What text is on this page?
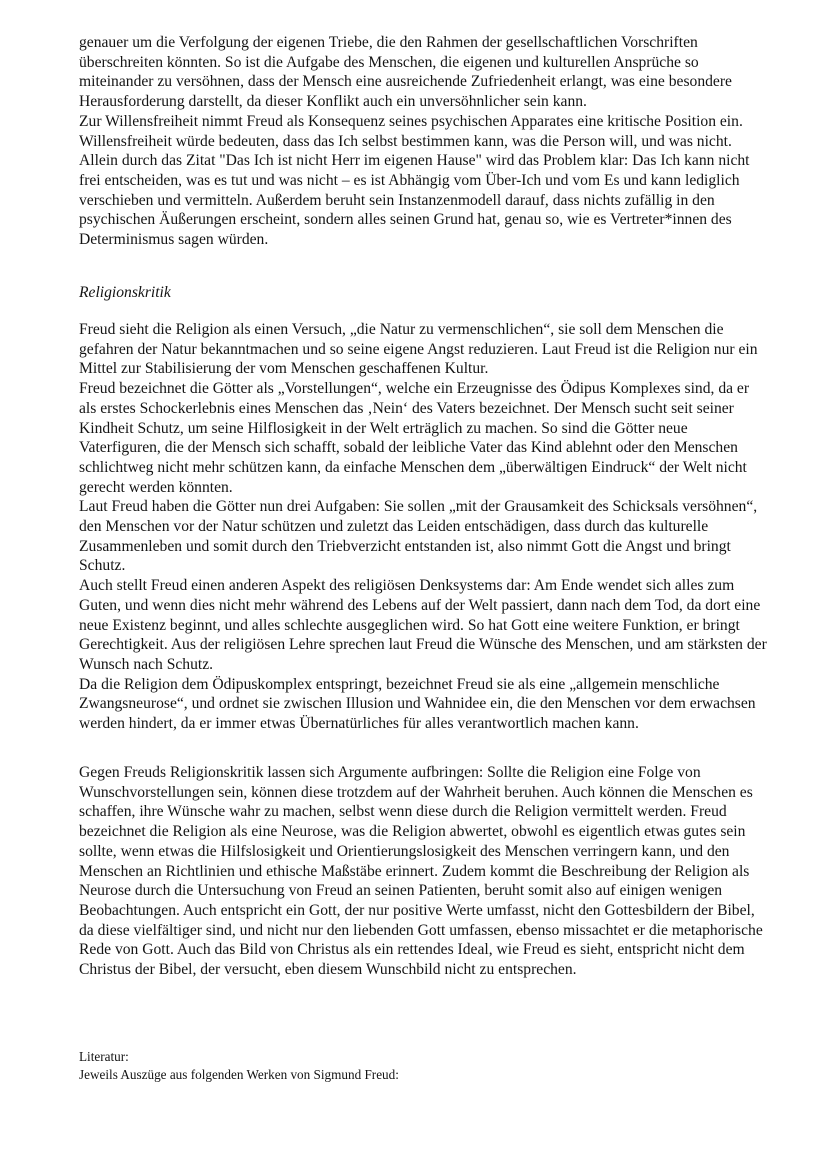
genauer um die Verfolgung der eigenen Triebe, die den Rahmen der gesellschaftlichen Vorschriften überschreiten könnten. So ist die Aufgabe des Menschen, die eigenen und kulturellen Ansprüche so miteinander zu versöhnen, dass der Mensch eine ausreichende Zufriedenheit erlangt, was eine besondere Herausforderung darstellt, da dieser Konflikt auch ein unversöhnlicher sein kann.

Zur Willensfreiheit nimmt Freud als Konsequenz seines psychischen Apparates eine kritische Position ein. Willensfreiheit würde bedeuten, dass das Ich selbst bestimmen kann, was die Person will, und was nicht. Allein durch das Zitat "Das Ich ist nicht Herr im eigenen Hause" wird das Problem klar: Das Ich kann nicht frei entscheiden, was es tut und was nicht – es ist Abhängig vom Über-Ich und vom Es und kann lediglich verschieben und vermitteln. Außerdem beruht sein Instanzenmodell darauf, dass nichts zufällig in den psychischen Äußerungen erscheint, sondern alles seinen Grund hat, genau so, wie es Vertreter*innen des Determinismus sagen würden.

Religionskritik

Freud sieht die Religion als einen Versuch, „die Natur zu vermenschlichen“, sie soll dem Menschen die gefahren der Natur bekanntmachen und so seine eigene Angst reduzieren. Laut Freud ist die Religion nur ein Mittel zur Stabilisierung der vom Menschen geschaffenen Kultur.

Freud bezeichnet die Götter als „Vorstellungen“, welche ein Erzeugnisse des Ödipus Komplexes sind, da er als erstes Schockerlebnis eines Menschen das ‚Nein‘ des Vaters bezeichnet. Der Mensch sucht seit seiner Kindheit Schutz, um seine Hilflosigkeit in der Welt erträglich zu machen. So sind die Götter neue Vaterfiguren, die der Mensch sich schafft, sobald der leibliche Vater das Kind ablehnt oder den Menschen schlichtweg nicht mehr schützen kann, da einfache Menschen dem „überwältigen Eindruck“ der Welt nicht gerecht werden könnten.

Laut Freud haben die Götter nun drei Aufgaben: Sie sollen „mit der Grausamkeit des Schicksals versöhnen“, den Menschen vor der Natur schützen und zuletzt das Leiden entschädigen, dass durch das kulturelle Zusammenleben und somit durch den Triebverzicht entstanden ist, also nimmt Gott die Angst und bringt Schutz.

Auch stellt Freud einen anderen Aspekt des religiösen Denksystems dar: Am Ende wendet sich alles zum Guten, und wenn dies nicht mehr während des Lebens auf der Welt passiert, dann nach dem Tod, da dort eine neue Existenz beginnt, und alles schlechte ausgeglichen wird. So hat Gott eine weitere Funktion, er bringt Gerechtigkeit. Aus der religiösen Lehre sprechen laut Freud die Wünsche des Menschen, und am stärksten der Wunsch nach Schutz.

Da die Religion dem Ödipuskomplex entspringt, bezeichnet Freud sie als eine „allgemein menschliche Zwangsneurose“, und ordnet sie zwischen Illusion und Wahnidee ein, die den Menschen vor dem erwachsen werden hindert, da er immer etwas Übernatürliches für alles verantwortlich machen kann.

Gegen Freuds Religionskritik lassen sich Argumente aufbringen: Sollte die Religion eine Folge von Wunschvorstellungen sein, können diese trotzdem auf der Wahrheit beruhen. Auch können die Menschen es schaffen, ihre Wünsche wahr zu machen, selbst wenn diese durch die Religion vermittelt werden. Freud bezeichnet die Religion als eine Neurose, was die Religion abwertet, obwohl es eigentlich etwas gutes sein sollte, wenn etwas die Hilfslosigkeit und Orientierungslosigkeit des Menschen verringern kann, und den Menschen an Richtlinien und ethische Maßstäbe erinnert. Zudem kommt die Beschreibung der Religion als Neurose durch die Untersuchung von Freud an seinen Patienten, beruht somit also auf einigen wenigen Beobachtungen. Auch entspricht ein Gott, der nur positive Werte umfasst, nicht den Gottesbildern der Bibel, da diese vielfältiger sind, und nicht nur den liebenden Gott umfassen, ebenso missachtet er die metaphorische Rede von Gott. Auch das Bild von Christus als ein rettendes Ideal, wie Freud es sieht, entspricht nicht dem Christus der Bibel, der versucht, eben diesem Wunschbild nicht zu entsprechen.

Literatur:

Jeweils Auszüge aus folgenden Werken von Sigmund Freud:
